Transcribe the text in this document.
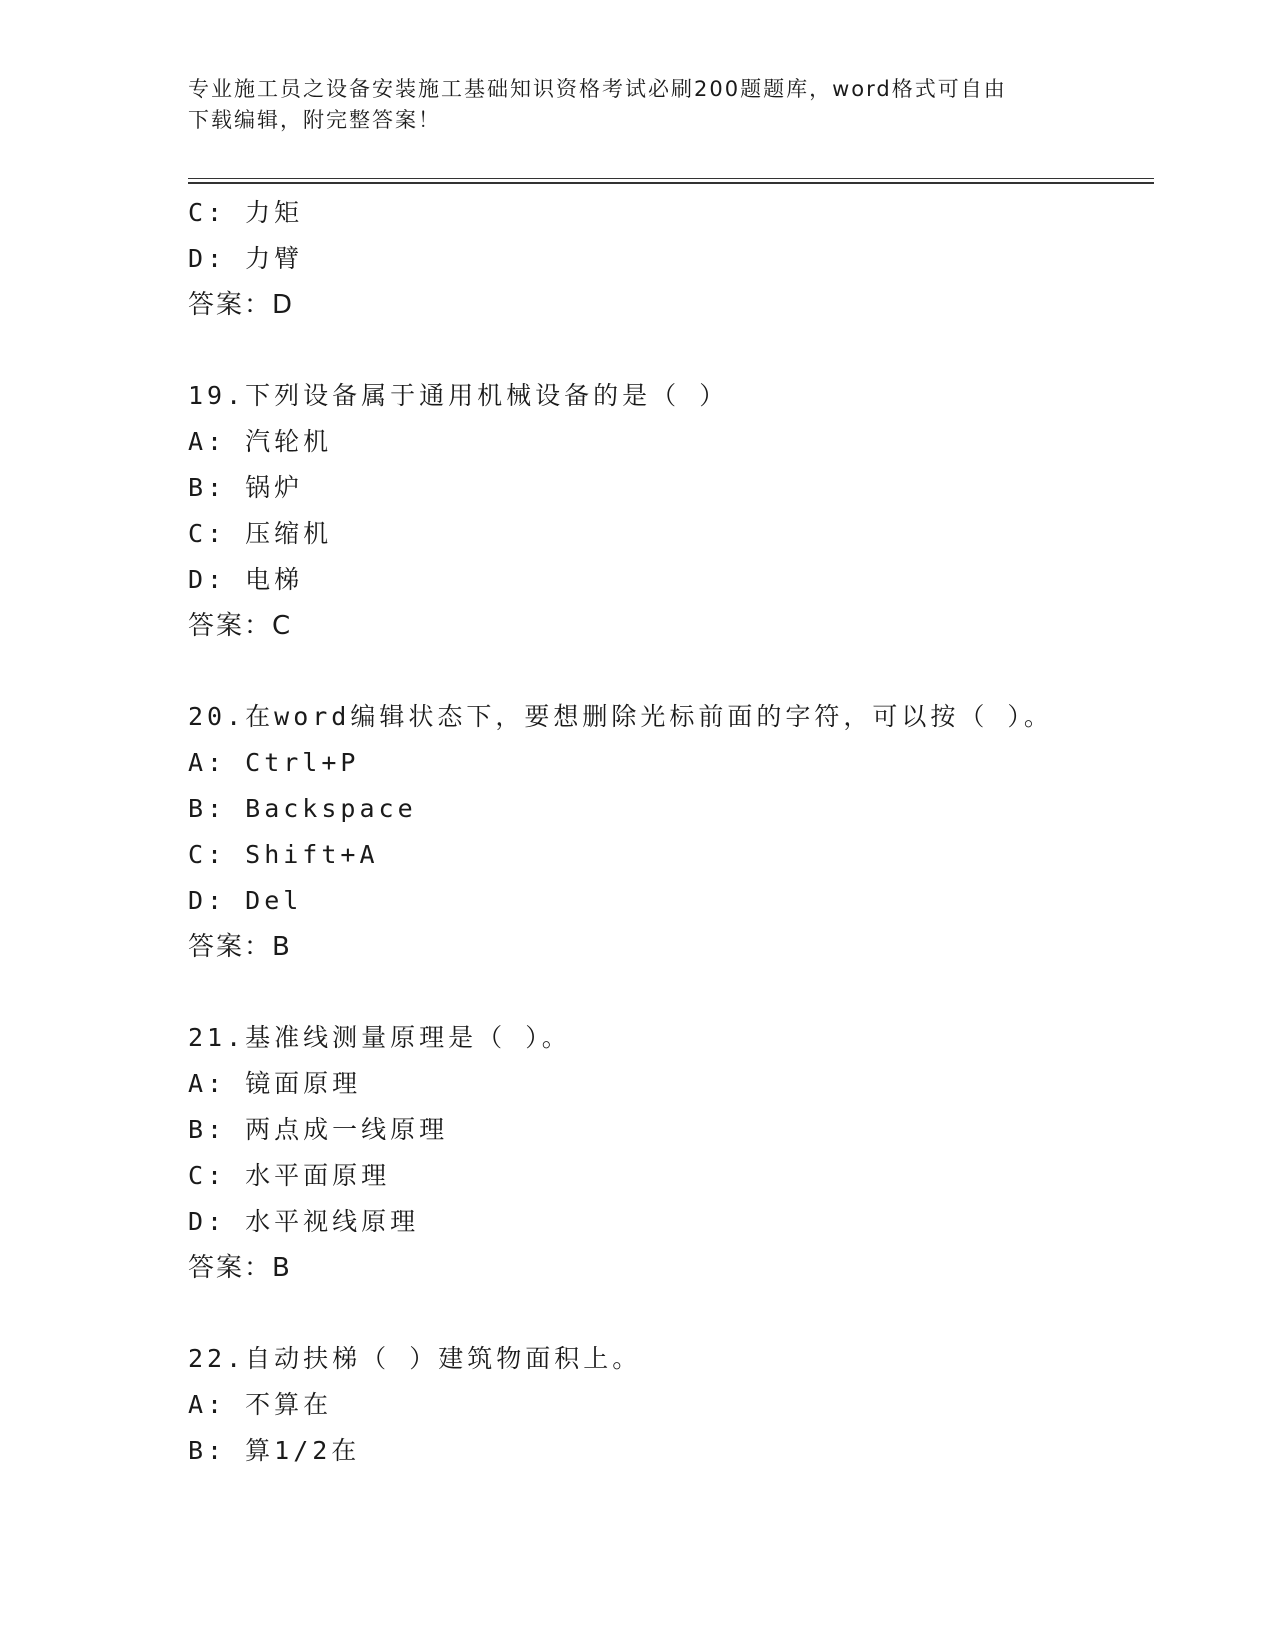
专业施工员之设备安装施工基础知识资格考试必刷200题题库，word格式可自由
下载编辑，附完整答案！
C: 力矩
D: 力臂
答案：D
19.下列设备属于通用机械设备的是（ ）
A: 汽轮机
B: 锅炉
C: 压缩机
D: 电梯
答案：C
20.在word编辑状态下，要想删除光标前面的字符，可以按（ ）。
A: Ctrl+P
B: Backspace
C: Shift+A
D: Del
答案：B
21.基准线测量原理是（ ）。
A: 镜面原理
B: 两点成一线原理
C: 水平面原理
D: 水平视线原理
答案：B
22.自动扶梯（ ）建筑物面积上。
A: 不算在
B: 算1/2在
